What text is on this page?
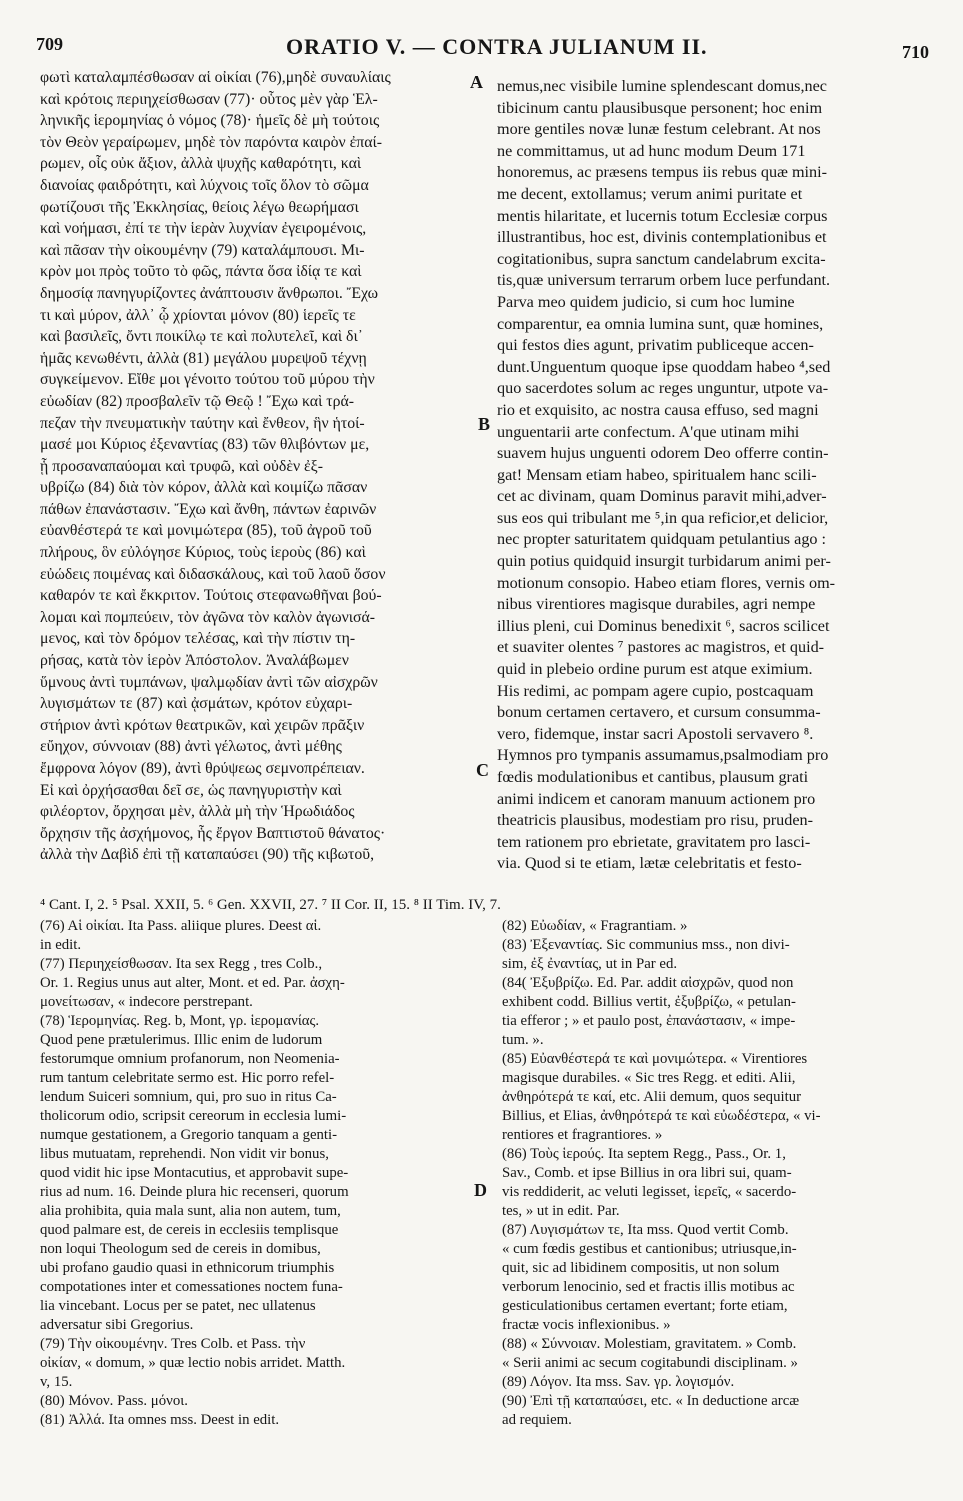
709	ORATIO V. — CONTRA JULIANUM II.	710
φωτὶ καταλαμπέσθωσαν αἱ οἰκίαι (76),μηδὲ συναυλίαις
καὶ κρότοις περιηχείσθωσαν (77)· οὗτος μὲν γὰρ Ἑλ-
ληνικῆς ἱερομηνίας ὁ νόμος (78)· ἡμεῖς δὲ μὴ τούτοις
τὸν Θεὸν γεραίρωμεν, μηδὲ τὸν παρόντα καιρὸν ἐπαί-
ρωμεν, οἷς οὐκ ἄξιον, ἀλλὰ ψυχῆς καθαρότητι, καὶ
διανοίας φαιδρότητι, καὶ λύχνοις τοῖς ὅλον τὸ σῶμα
φωτίζουσι τῆς Ἐκκλησίας, θείοις λέγω θεωρήμασι
καὶ νοήμασι, ἐπί τε τὴν ἱερὰν λυχνίαν ἐγειρομένοις,
καὶ πᾶσαν τὴν οἰκουμένην (79) καταλάμπουσι. Μι-
κρὸν μοι πρὸς τοῦτο τὸ φῶς, πάντα ὅσα ἰδίᾳ τε καὶ
δημοσίᾳ πανηγυρίζοντες ἀνάπτουσιν ἄνθρωποι. Ἔχω
τι καὶ μύρον, ἀλλ᾽ ᾧ χρίονται μόνον (80) ἱερεῖς τε
καὶ βασιλεῖς, ὄντι ποικίλῳ τε καὶ πολυτελεῖ, καὶ δι᾽
ἡμᾶς κενωθέντι, ἀλλὰ (81) μεγάλου μυρεψοῦ τέχνῃ
συγκείμενον. Εἴθε μοι γένοιτο τούτου τοῦ μύρου τὴν
εὐωδίαν (82) προσβαλεῖν τῷ Θεῷ ! Ἔχω καὶ τρά-
πεζαν τὴν πνευματικὴν ταύτην καὶ ἔνθεον, ἣν ἡτοί-
μασέ μοι Κύριος ἐξεναντίας (83) τῶν θλιβόντων με,
ᾗ προσαναπαύομαι καὶ τρυφῶ, καὶ οὐδὲν ἐξ-
υβρίζω (84) διὰ τὸν κόρον, ἀλλὰ καὶ κοιμίζω πᾶσαν
πάθων ἐπανάστασιν. Ἔχω καὶ ἄνθη, πάντων ἐαρινῶν
εὐανθέστερά τε καὶ μονιμώτερα (85), τοῦ ἀγροῦ τοῦ
πλήρους, ὃν εὐλόγησε Κύριος, τοὺς ἱεροὺς (86) καὶ
εὐώδεις ποιμένας καὶ διδασκάλους, καὶ τοῦ λαοῦ ὅσον
καθαρόν τε καὶ ἔκκριτον. Τούτοις στεφανωθῆναι βού-
λομαι καὶ πομπεύειν, τὸν ἀγῶνα τὸν καλὸν ἀγωνισά-
μενος, καὶ τὸν δρόμον τελέσας, καὶ τὴν πίστιν τη-
ρήσας, κατὰ τὸν ἱερὸν Ἀπόστολον. Ἀναλάβωμεν
ὕμνους ἀντὶ τυμπάνων, ψαλμῳδίαν ἀντὶ τῶν αἰσχρῶν
λυγισμάτων τε (87) καὶ ᾀσμάτων, κρότον εὐχαρι-
στήριον ἀντὶ κρότων θεατρικῶν, καὶ χειρῶν πρᾶξιν
εὔηχον, σύννοιαν (88) ἀντὶ γέλωτος, ἀντὶ μέθης
ἔμφρονα λόγον (89), ἀντὶ θρύψεως σεμνοπρέπειαν.
Εἰ καὶ ὀρχήσασθαι δεῖ σε, ὡς πανηγυριστὴν καὶ
φιλέορτον, ὄρχησαι μὲν, ἀλλὰ μὴ τὴν Ἡρωδιάδος
ὄρχησιν τῆς ἀσχήμονος, ἧς ἔργον Βαπτιστοῦ θάνατος·
ἀλλὰ τὴν Δαβὶδ ἐπὶ τῇ καταπαύσει (90) τῆς κιβωτοῦ,
nemus,nec visibile lumine splendescant domus,nec
tibicinum cantu plausibusque personent; hoc enim
more gentiles novæ lunæ festum celebrant. At nos
ne committamus, ut ad hunc modum Deum 171
honoremus, ac præsens tempus iis rebus quæ mini-
me decent, extollamus; verum animi puritate et
mentis hilaritate, et lucernis totum Ecclesiæ corpus
illustrantibus, hoc est, divinis contemplationibus et
cogitationibus, supra sanctum candelabrum excita-
tis,quæ universum terrarum orbem luce perfundant.
Parva meo quidem judicio, si cum hoc lumine
comparentur, ea omnia lumina sunt, quæ homines,
qui festos dies agunt, privatim publiceque accen-
dunt.Unguentum quoque ipse quoddam habeo ⁴,sed
quo sacerdotes solum ac reges unguntur, utpote va-
rio et exquisito, ac nostra causa effuso, sed magni
unguentarii arte confectum. A'que utinam mihi
suavem hujus unguenti odorem Deo offerre contin-
gat! Mensam etiam habeo, spiritualem hanc scili-
cet ac divinam, quam Dominus paravit mihi,adver-
sus eos qui tribulant me ⁵,in qua reficior,et delicior,
nec propter saturitatem quidquam petulantius ago :
quin potius quidquid insurgit turbidarum animi per-
motionum consopio. Habeo etiam flores, vernis om-
nibus virentiores magisque durabiles, agri nempe
illius pleni, cui Dominus benedixit ⁶, sacros scilicet
et suaviter olentes ⁷ pastores ac magistros, et quid-
quid in plebeio ordine purum est atque eximium.
His redimi, ac pompam agere cupio, postcaquam
bonum certamen certavero, et cursum consumma-
vero, fidemque, instar sacri Apostoli servavero ⁸.
Hymnos pro tympanis assumamus,psalmodiam pro
fœdis modulationibus et cantibus, plausum grati
animi indicem et canoram manuum actionem pro
theatricis plausibus, modestiam pro risu, pruden-
tem rationem pro ebrietate, gravitatem pro lasci-
via. Quod si te etiam, lætæ celebritatis et festo-
A
B
C
D
⁴ Cant. I, 2. ⁵ Psal. XXII, 5. ⁶ Gen. XXVII, 27. ⁷ II Cor. II, 15. ⁸ II Tim. IV, 7.
(76) Αἱ οἰκίαι. Ita Pass. aliique plures. Deest αἱ.
in edit.
(77) Περιηχείσθωσαν. Ita sex Regg , tres Colb.,
Or. 1. Regius unus aut alter, Mont. et ed. Par. ἀσχη-
μονείτωσαν, « indecore perstrepant.
(78) Ἱερομηνίας. Reg. b, Mont, γρ. ἱερομανίας.
Quod pene prætulerimus. Illic enim de ludorum
festorumque omnium profanorum, non Neomenia-
rum tantum celebritate sermo est. Hic porro refel-
lendum Suiceri somnium, qui, pro suo in ritus Ca-
tholicorum odio, scripsit cereorum in ecclesia lumi-
numque gestationem, a Gregorio tanquam a genti-
libus mutuatam, reprehendi. Non vidit vir bonus,
quod vidit hic ipse Montacutius, et approbavit supe-
rius ad num. 16. Deinde plura hic recenseri, quorum
alia prohibita, quia mala sunt, alia non autem, tum,
quod palmare est, de cereis in ecclesiis templisque
non loqui Theologum sed de cereis in domibus,
ubi profano gaudio quasi in ethnicorum triumphis
compotationes inter et comessationes noctem funa-
lia vincebant. Locus per se patet, nec ullatenus
adversatur sibi Gregorius.
(79) Τὴν οἰκουμένην. Tres Colb. et Pass. τὴν
οἰκίαν, « domum, » quæ lectio nobis arridet. Matth.
v, 15.
(80) Μόνον. Pass. μόνοι.
(81) Ἀλλά. Ita omnes mss. Deest in edit.
(82) Εὐωδίαν, « Fragrantiam. »
(83) Ἐξεναντίας. Sic communius mss., non divi-
sim, ἐξ ἐναντίας, ut in Par ed.
(84( Ἐξυβρίζω. Ed. Par. addit αἰσχρῶν, quod non
exhibent codd. Billius vertit, ἐξυβρίζω, « petulan-
tia efferor ; » et paulo post, ἐπανάστασιν, « impe-
tum. ».
(85) Εὐανθέστερά τε καὶ μονιμώτερα. « Virentiores
magisque durabiles. « Sic tres Regg. et editi. Alii,
ἀνθηρότερά τε καί, etc. Alii demum, quos sequitur
Billius, et Elias, ἀνθηρότερά τε καὶ εὐωδέστερα, « vi-
rentiores et fragrantiores. »
(86) Τοὺς ἱερούς. Ita septem Regg., Pass., Or. 1,
Sav., Comb. et ipse Billius in ora libri sui, quam-
vis reddiderit, ac veluti legisset, ἱερεῖς, « sacerdo-
tes, » ut in edit. Par.
(87) Λυγισμάτων τε, Ita mss. Quod vertit Comb.
« cum fœdis gestibus et cantionibus; utriusque,in-
quit, sic ad libidinem compositis, ut non solum
verborum lenocinio, sed et fractis illis motibus ac
gesticulationibus certamen evertant; forte etiam,
fractæ vocis inflexionibus. »
(88) « Σύννοιαν. Molestiam, gravitatem. » Comb.
« Serii animi ac secum cogitabundi disciplinam. »
(89) Λόγον. Ita mss. Sav. γρ. λογισμόν.
(90) Ἐπὶ τῇ καταπαύσει, etc. « In deductione arcæ
ad requiem.
